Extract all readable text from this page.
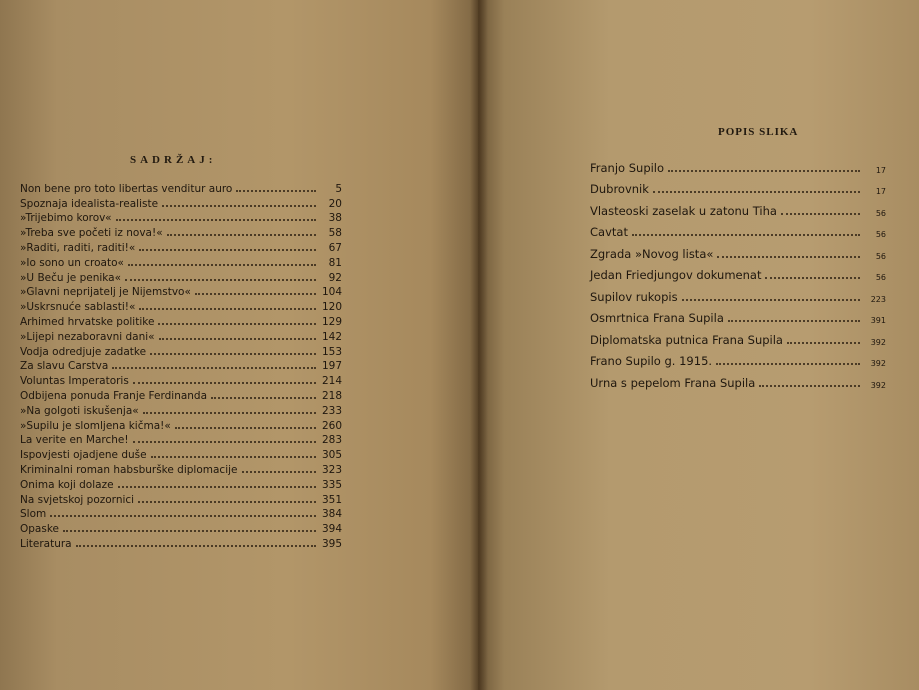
SADRŽAJ:
Non bene pro toto libertas venditur auro	5
Spoznaja idealista-realiste	20
»Trijebimo korov«	38
»Treba sve početi iz nova!«	58
»Raditi, raditi, raditi!«	67
»Io sono un croato«	81
»U Beču je penika«	92
»Glavni neprijatelj je Nijemstvo«	104
»Uskrsnuće sablasti!«	120
Arhimed hrvatske politike	129
»Lijepi nezaboravni dani«	142
Vodja odredjuje zadatke	153
Za slavu Carstva	197
Voluntas Imperatoris	214
Odbijena ponuda Franje Ferdinanda	218
»Na golgoti iskušenja«	233
»Supilu je slomljena kičma!«	260
La verite en Marche!	283
Ispovjesti ojadjene duše	305
Kriminalni roman habsburške diplomacije	323
Onima koji dolaze	335
Na svjetskoj pozornici	351
Slom	384
Opaske	394
Literatura	395
POPIS SLIKA
Franjo Supilo	17
Dubrovnik	17
Vlasteoski zaselak u zatonu Tiha	56
Cavtat	56
Zgrada »Novog lista«	56
Jedan Friedjungov dokumenat	56
Supilov rukopis	223
Osmrtnica Frana Supila	391
Diplomatska putnica Frana Supila	392
Frano Supilo g. 1915.	392
Urna s pepelom Frana Supila	392
